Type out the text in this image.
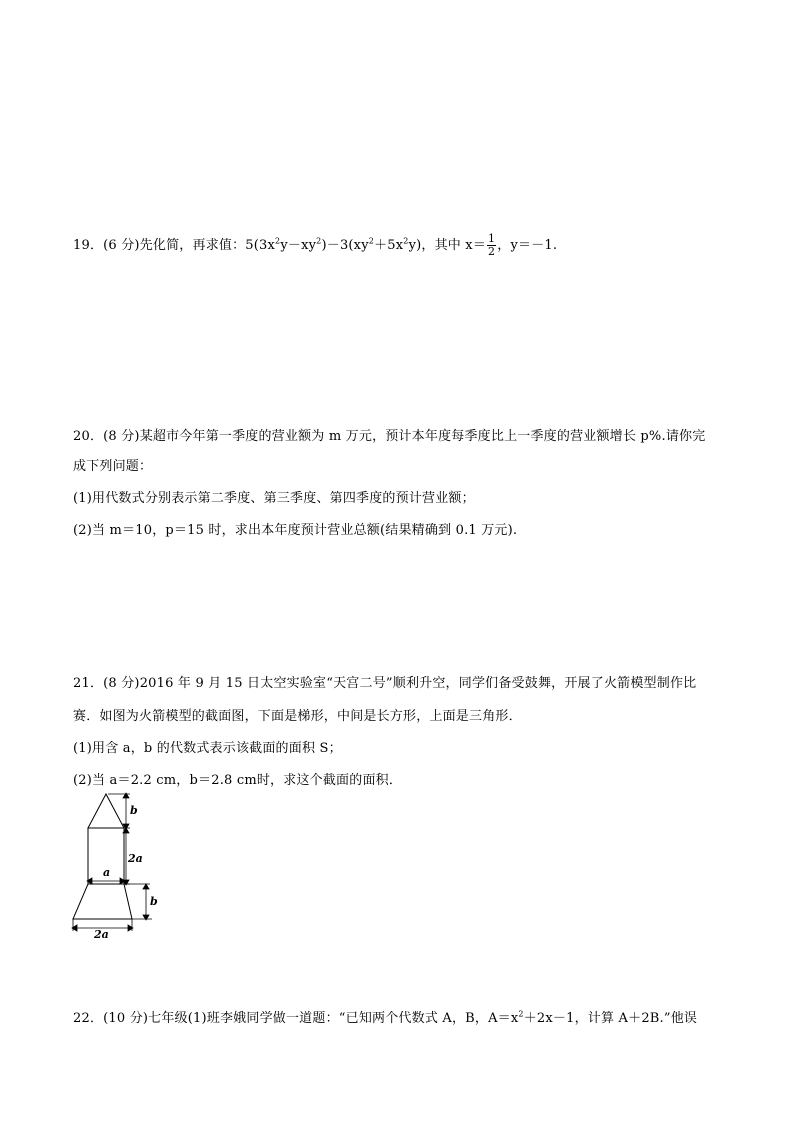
19．(6 分)先化简，再求值：$5(3x^2y-xy^2)-3(xy^2+5x^2y)$，其中 $x= \frac{1}{2}$ ，y＝－1.
20．(8 分)某超市今年第一季度的营业额为 m 万元，预计本年度每季度比上一季度的营业额增长 p%.请你完
成下列问题：
(1)用代数式分别表示第二季度、第三季度、第四季度的预计营业额；
(2)当 m＝10，p＝15 时，求出本年度预计营业总额(结果精确到 0.1 万元).
21．(8 分)2016 年 9 月 15 日太空实验室“天宫二号”顺利升空，同学们备受鼓舞，开展了火箭模型制作比
赛．如图为火箭模型的截面图，下面是梯形，中间是长方形，上面是三角形．
(1)用含 a，b 的代数式表示该截面的面积 S；
(2)当 a＝2.2 cm，b＝2.8 cm时，求这个截面的面积．
b
2a
a
b
2a
22．(10 分)七年级(1)班李娥同学做一道题：“已知两个代数式 A，B，$A=x^2+2x-1$，计算 A＋2B.”他误
